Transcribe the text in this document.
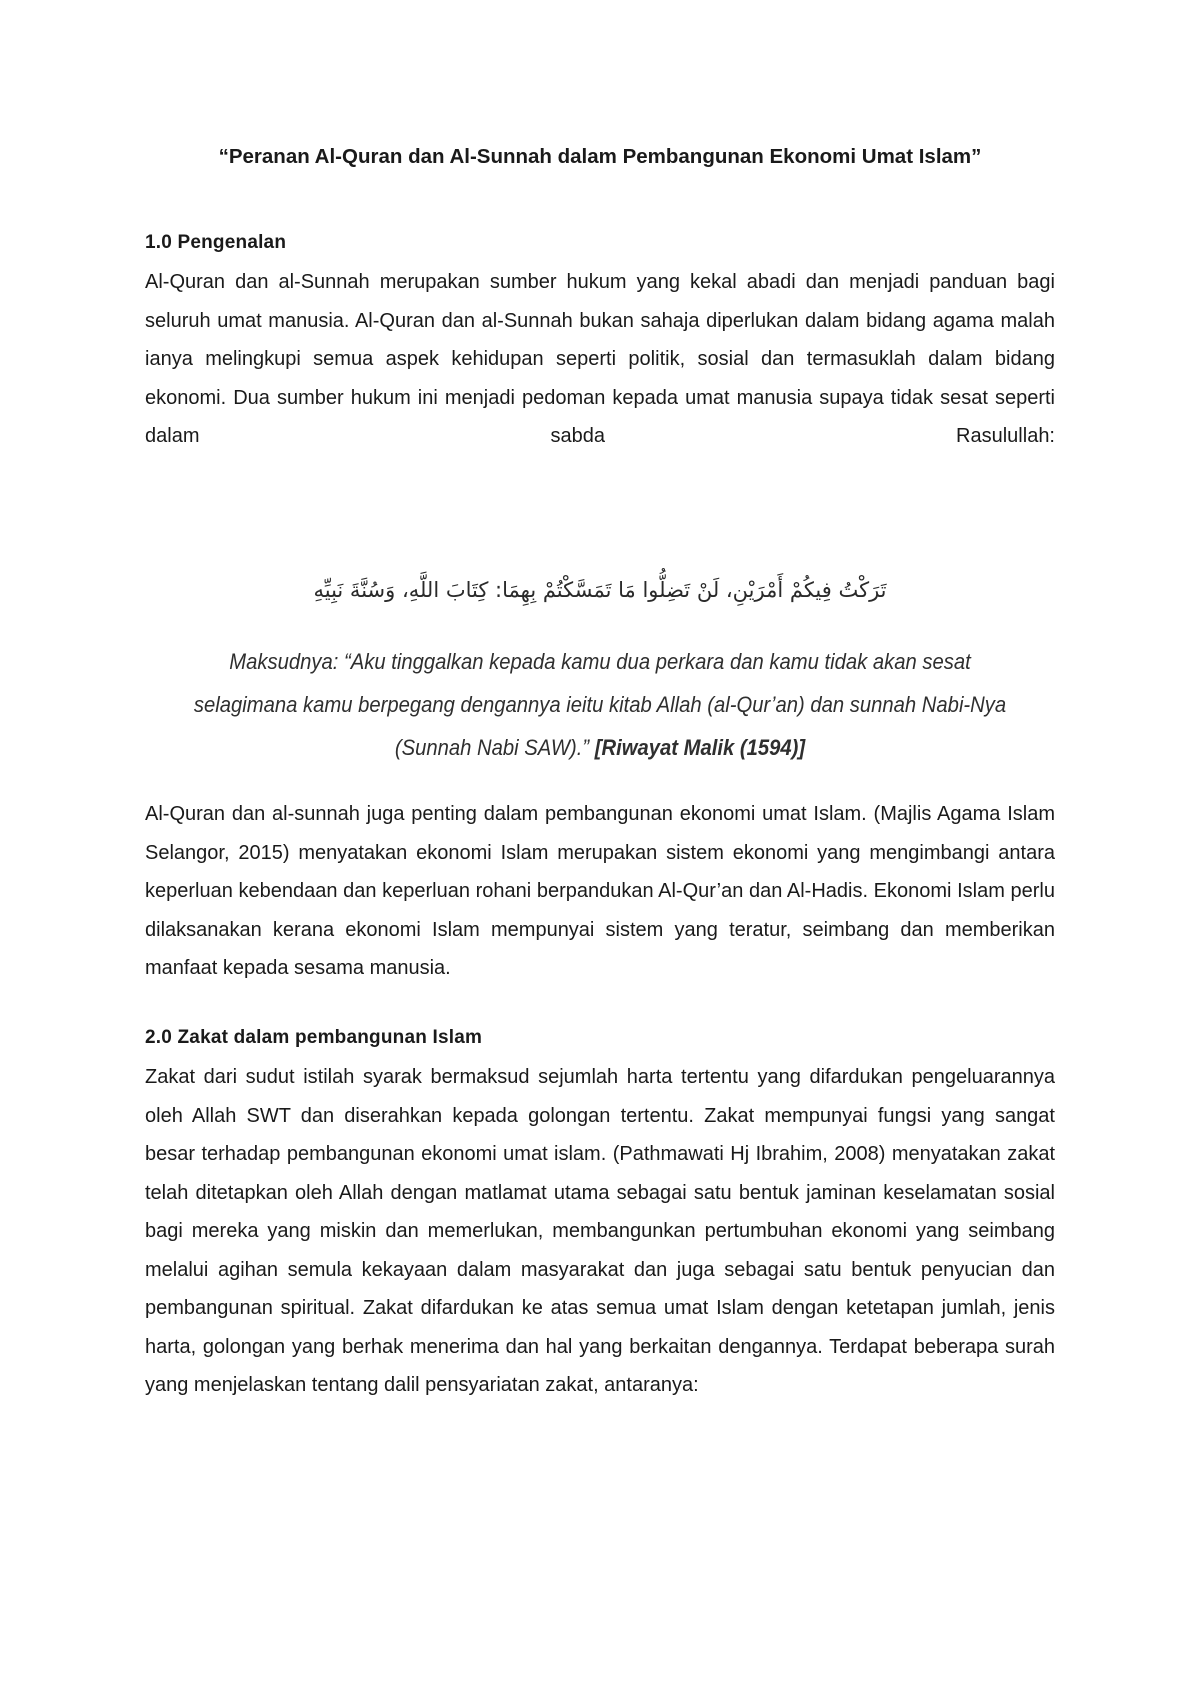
“Peranan Al-Quran dan Al-Sunnah dalam Pembangunan Ekonomi Umat Islam”
1.0 Pengenalan
Al-Quran dan al-Sunnah merupakan sumber hukum yang kekal abadi dan menjadi panduan bagi seluruh umat manusia. Al-Quran dan al-Sunnah bukan sahaja diperlukan dalam bidang agama malah ianya melingkupi semua aspek kehidupan seperti politik, sosial dan termasuklah dalam bidang ekonomi. Dua sumber hukum ini menjadi pedoman kepada umat manusia supaya tidak sesat seperti dalam sabda Rasulullah:
تَرَكْتُ فِيكُمْ أَمْرَيْنِ، لَنْ تَضِلُّوا مَا تَمَسَّكْتُمْ بِهِمَا: كِتَابَ اللَّهِ، وَسُنَّةَ نَبِيِّهِ
Maksudnya: “Aku tinggalkan kepada kamu dua perkara dan kamu tidak akan sesat
selagimana kamu berpegang dengannya ieitu kitab Allah (al-Qur’an) dan sunnah Nabi-Nya
(Sunnah Nabi SAW).” [Riwayat Malik (1594)]
Al-Quran dan al-sunnah juga penting dalam pembangunan ekonomi umat Islam. (Majlis Agama Islam Selangor, 2015) menyatakan ekonomi Islam merupakan sistem ekonomi yang mengimbangi antara keperluan kebendaan dan keperluan rohani berpandukan Al-Qur’an dan Al-Hadis. Ekonomi Islam perlu dilaksanakan kerana ekonomi Islam mempunyai sistem yang teratur, seimbang dan memberikan manfaat kepada sesama manusia.
2.0 Zakat dalam pembangunan Islam
Zakat dari sudut istilah syarak bermaksud sejumlah harta tertentu yang difardukan pengeluarannya oleh Allah SWT dan diserahkan kepada golongan tertentu. Zakat mempunyai fungsi yang sangat besar terhadap pembangunan ekonomi umat islam. (Pathmawati Hj Ibrahim, 2008) menyatakan zakat telah ditetapkan oleh Allah dengan matlamat utama sebagai satu bentuk jaminan keselamatan sosial bagi mereka yang miskin dan memerlukan, membangunkan pertumbuhan ekonomi yang seimbang melalui agihan semula kekayaan dalam masyarakat dan juga sebagai satu bentuk penyucian dan pembangunan spiritual. Zakat difardukan ke atas semua umat Islam dengan ketetapan jumlah, jenis harta, golongan yang berhak menerima dan hal yang berkaitan dengannya. Terdapat beberapa surah yang menjelaskan tentang dalil pensyariatan zakat, antaranya:
